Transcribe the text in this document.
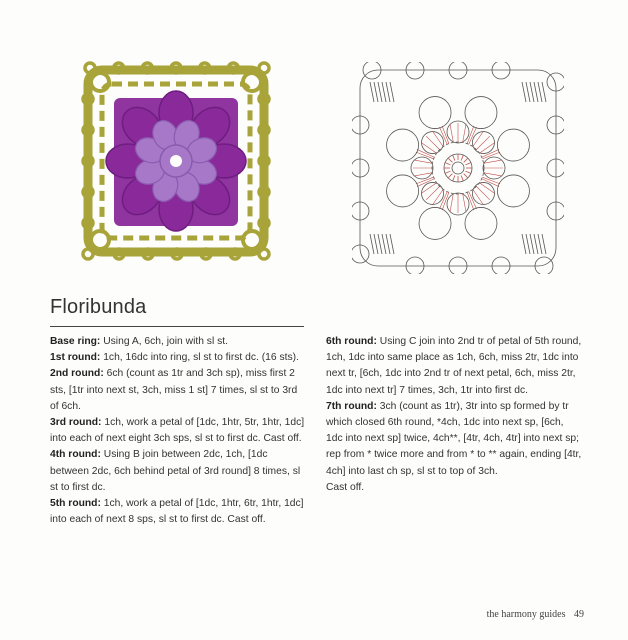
Floribunda

Base ring: Using A, 6ch, join with sl st.

1st round: 1ch, 16dc into ring, sl st to first dc. (16 sts).

2nd round: 6ch (count as 1tr and 3ch sp), miss first 2 sts, [1tr into next st, 3ch, miss 1 st] 7 times, sl st to 3rd of 6ch.

3rd round: 1ch, work a petal of [1dc, 1htr, 5tr, 1htr, 1dc] into each of next eight 3ch sps, sl st to first dc. Cast off.

4th round: Using B join between 2dc, 1ch, [1dc between 2dc, 6ch behind petal of 3rd round] 8 times, sl st to first dc.

5th round: 1ch, work a petal of [1dc, 1htr, 6tr, 1htr, 1dc] into each of next 8 sps, sl st to first dc. Cast off.

6th round: Using C join into 2nd tr of petal of 5th round, 1ch, 1dc into same place as 1ch, 6ch, miss 2tr, 1dc into next tr, [6ch, 1dc into 2nd tr of next petal, 6ch, miss 2tr, 1dc into next tr] 7 times, 3ch, 1tr into first dc.

7th round: 3ch (count as 1tr), 3tr into sp formed by tr which closed 6th round, *4ch, 1dc into next sp, [6ch, 1dc into next sp] twice, 4ch**, [4tr, 4ch, 4tr] into next sp; rep from * twice more and from * to ** again, ending [4tr, 4ch] into last ch sp, sl st to top of 3ch.

Cast off.

the harmony guides 49
